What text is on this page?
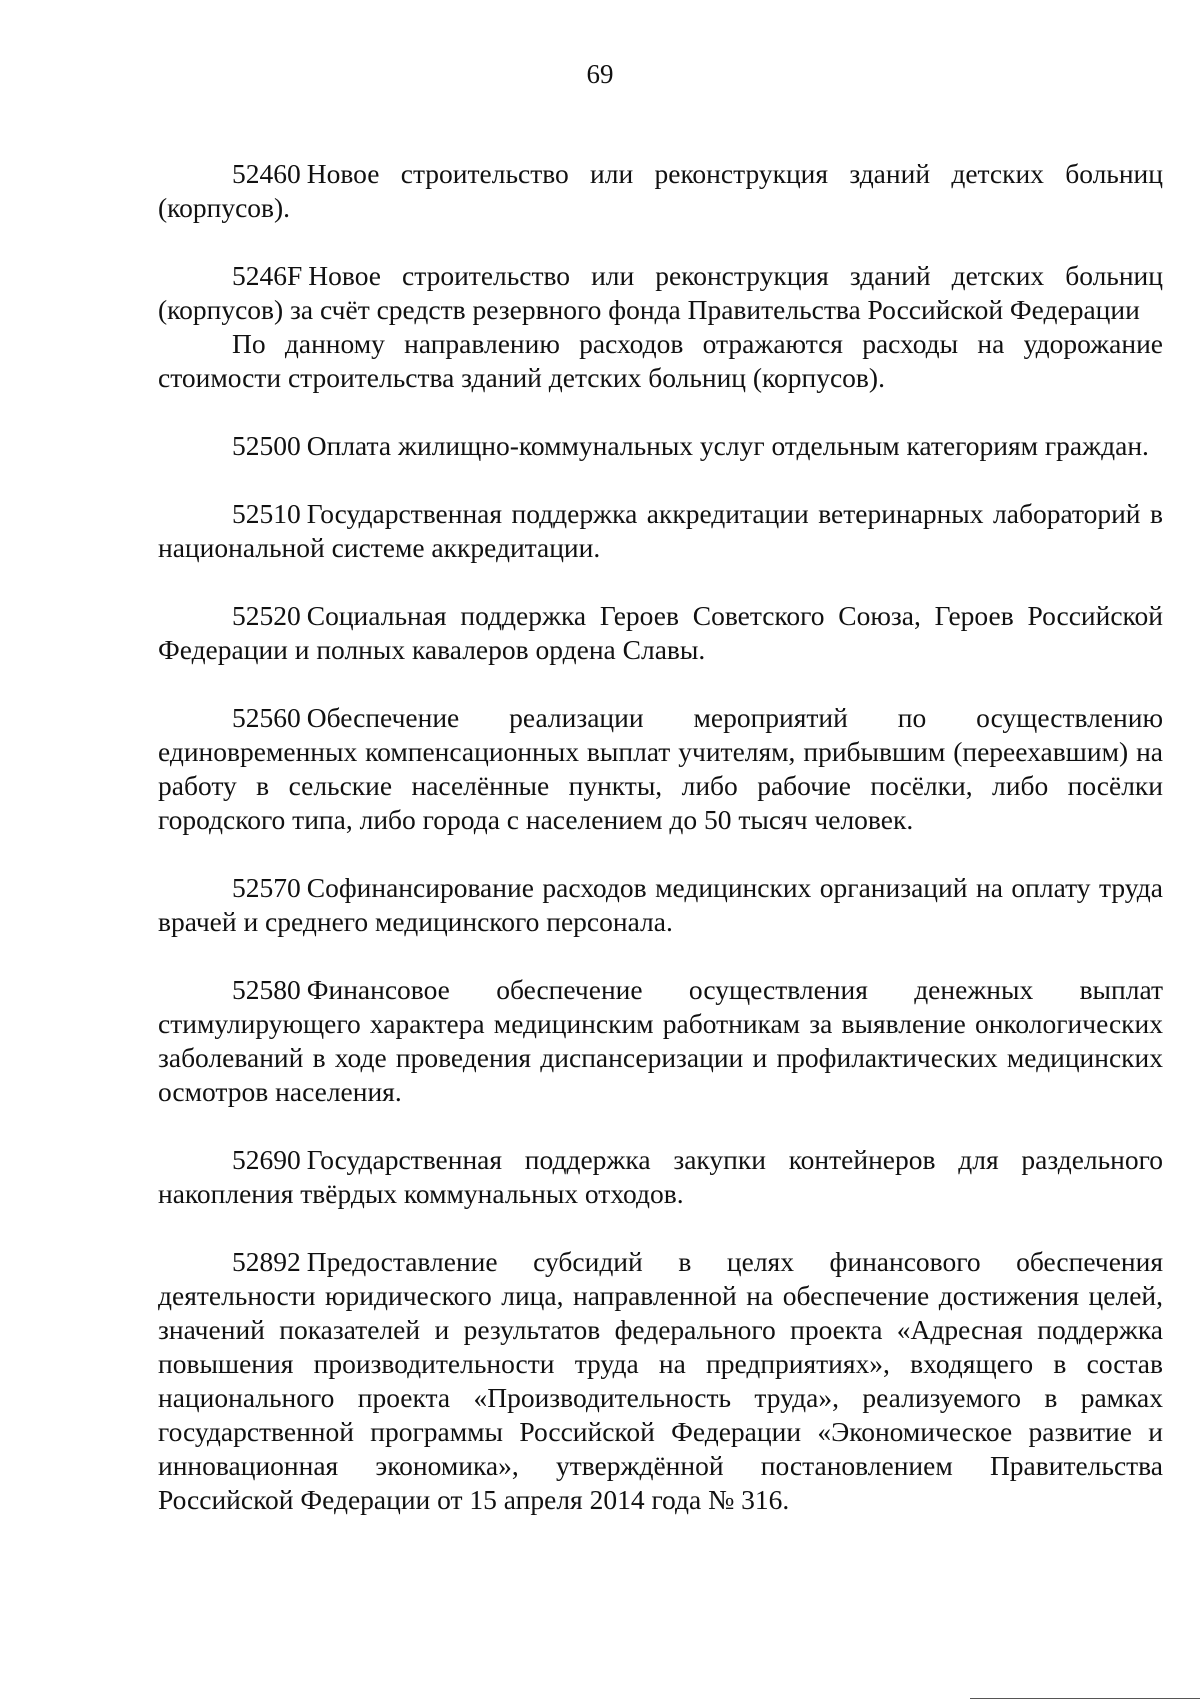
69

52460 Новое строительство или реконструкция зданий детских больниц (корпусов).

5246F Новое строительство или реконструкция зданий детских больниц (корпусов) за счёт средств резервного фонда Правительства Российской Федерации

По данному направлению расходов отражаются расходы на удорожание стоимости строительства зданий детских больниц (корпусов).

52500 Оплата жилищно-коммунальных услуг отдельным категориям граждан.

52510 Государственная поддержка аккредитации ветеринарных лабораторий в национальной системе аккредитации.

52520 Социальная поддержка Героев Советского Союза, Героев Российской Федерации и полных кавалеров ордена Славы.

52560 Обеспечение реализации мероприятий по осуществлению единовременных компенсационных выплат учителям, прибывшим (переехавшим) на работу в сельские населённые пункты, либо рабочие посёлки, либо посёлки городского типа, либо города с населением до 50 тысяч человек.

52570 Софинансирование расходов медицинских организаций на оплату труда врачей и среднего медицинского персонала.

52580 Финансовое обеспечение осуществления денежных выплат стимулирующего характера медицинским работникам за выявление онкологических заболеваний в ходе проведения диспансеризации и профилактических медицинских осмотров населения.

52690 Государственная поддержка закупки контейнеров для раздельного накопления твёрдых коммунальных отходов.

52892 Предоставление субсидий в целях финансового обеспечения деятельности юридического лица, направленной на обеспечение достижения целей, значений показателей и результатов федерального проекта «Адресная поддержка повышения производительности труда на предприятиях», входящего в состав национального проекта «Производительность труда», реализуемого в рамках государственной программы Российской Федерации «Экономическое развитие и инновационная экономика», утверждённой постановлением Правительства Российской Федерации от 15 апреля 2014 года № 316.
